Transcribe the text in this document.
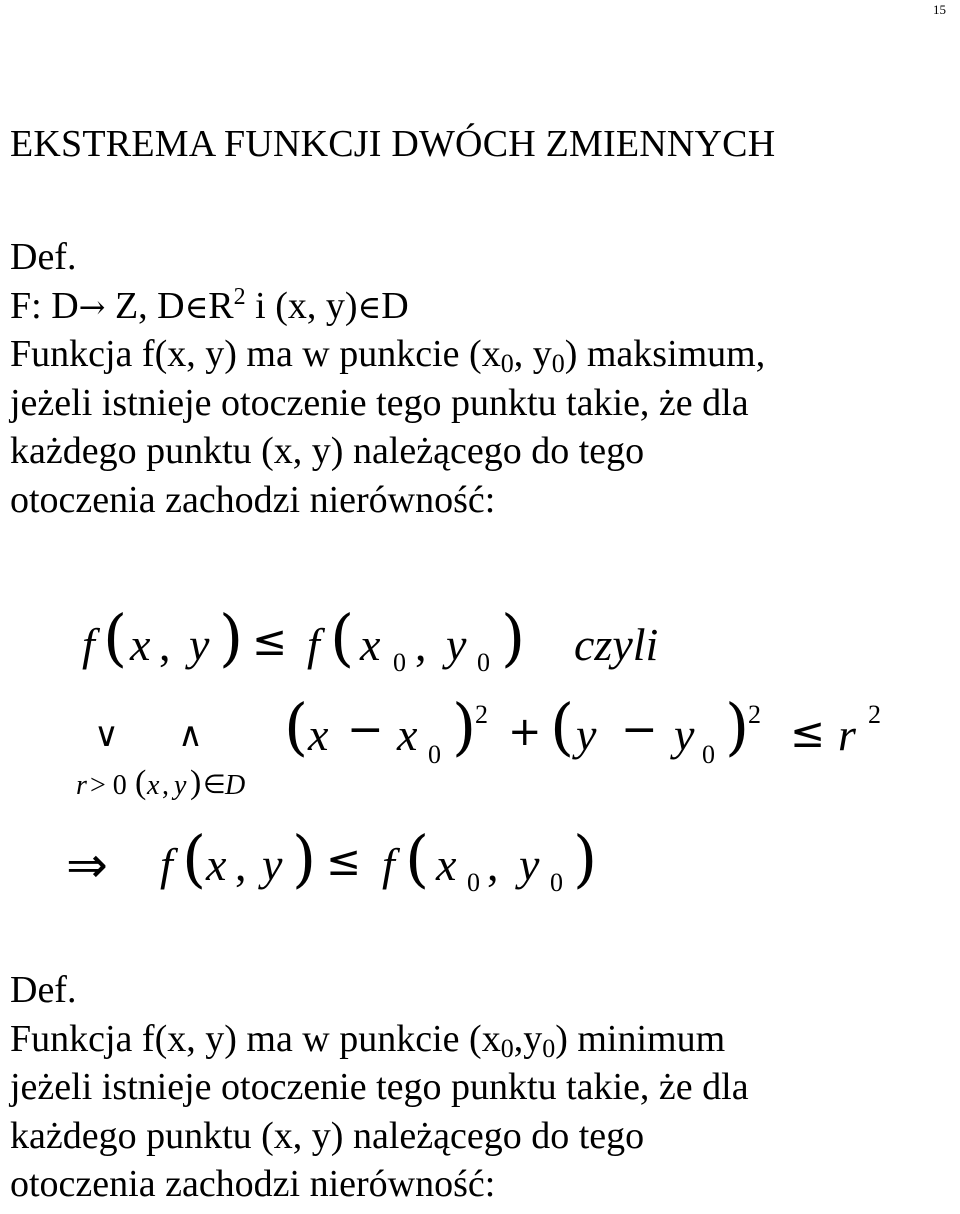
15
EKSTREMA FUNKCJI DWÓCH ZMIENNYCH
Def.
F: D→ Z, $D\in R^2$ i (x, y)∈D
Funkcja f(x, y) ma w punkcie (x0, y0) maksimum,
jeżeli istnieje otoczenie tego punktu takie, że dla
każdego punktu (x, y) należącego do tego
otoczenia zachodzi nierówność:
f ( x , y ) ≤ f ( x 0 , y 0 ) czyli
∨ ∧
r > 0 ( x , y ) ∈ D
( x − x 0 )
2 + ( y − y 0 )
2 ≤ r 2
⇒ f ( x , y ) ≤ f ( x 0 , y 0 )
Def.
Funkcja f(x, y) ma w punkcie (x0,y0) minimum
jeżeli istnieje otoczenie tego punktu takie, że dla
każdego punktu (x, y) należącego do tego
otoczenia zachodzi nierówność:
